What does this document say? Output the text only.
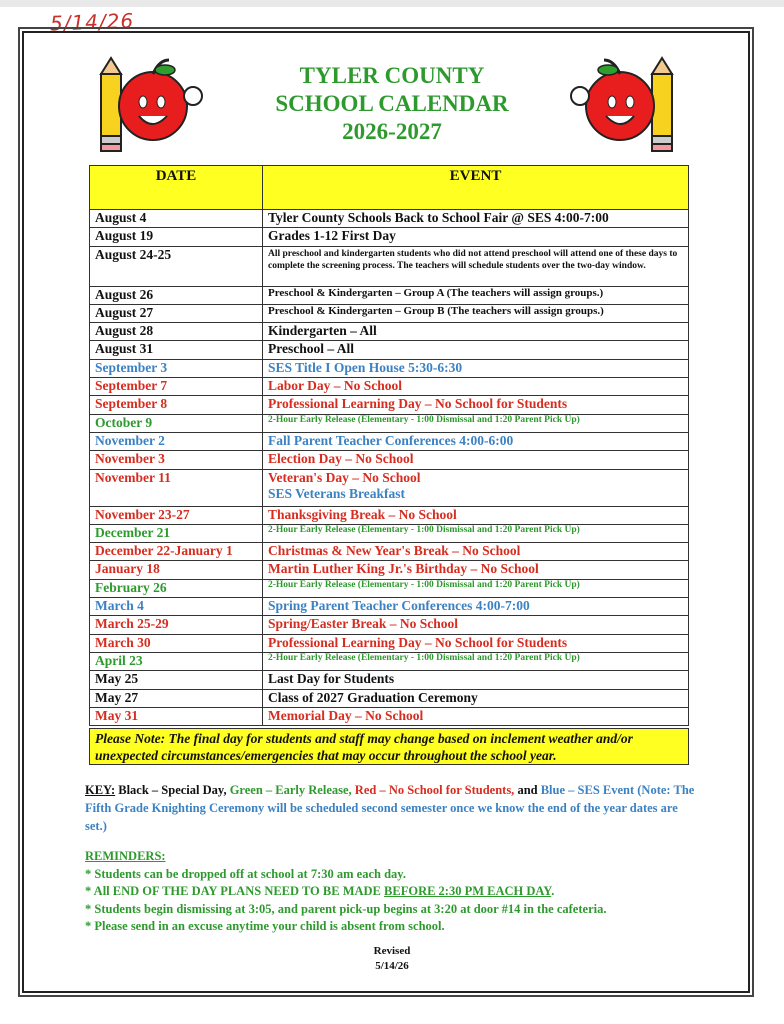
5/14/26
TYLER COUNTY
SCHOOL CALENDAR
2026-2027
DATE	EVENT
August 4	Tyler County Schools Back to School Fair @ SES 4:00-7:00
August 19	Grades 1-12 First Day
August 24-25	All preschool and kindergarten students who did not attend preschool will attend one of these days to complete the screening process. The teachers will schedule students over the two-day window.
August 26	Preschool & Kindergarten – Group A (The teachers will assign groups.)
August 27	Preschool & Kindergarten – Group B (The teachers will assign groups.)
August 28	Kindergarten – All
August 31	Preschool – All
September 3	SES Title I Open House 5:30-6:30
September 7	Labor Day – No School
September 8	Professional Learning Day – No School for Students
October 9	2-Hour Early Release (Elementary - 1:00 Dismissal and 1:20 Parent Pick Up)
November 2	Fall Parent Teacher Conferences 4:00-6:00
November 3	Election Day – No School
November 11	Veteran's Day – No School
SES Veterans Breakfast

November 23-27	Thanksgiving Break – No School
December 21	2-Hour Early Release (Elementary - 1:00 Dismissal and 1:20 Parent Pick Up)
December 22-January 1	Christmas & New Year's Break – No School
January 18	Martin Luther King Jr.'s Birthday – No School
February 26	2-Hour Early Release (Elementary - 1:00 Dismissal and 1:20 Parent Pick Up)
March 4	Spring Parent Teacher Conferences 4:00-7:00
March 25-29	Spring/Easter Break – No School
March 30	Professional Learning Day – No School for Students
April 23	2-Hour Early Release (Elementary - 1:00 Dismissal and 1:20 Parent Pick Up)
May 25	Last Day for Students
May 27	Class of 2027 Graduation Ceremony
May 31	Memorial Day – No School
Please Note: The final day for students and staff may change based on inclement weather and/or unexpected circumstances/emergencies that may occur throughout the school year.
KEY: Black – Special Day, Green – Early Release, Red – No School for Students, and Blue – SES Event (Note: The Fifth Grade Knighting Ceremony will be scheduled second semester once we know the end of the year dates are set.)
REMINDERS:
* Students can be dropped off at school at 7:30 am each day.
* All END OF THE DAY PLANS NEED TO BE MADE BEFORE 2:30 PM EACH DAY.
* Students begin dismissing at 3:05, and parent pick-up begins at 3:20 at door #14 in the cafeteria.
* Please send in an excuse anytime your child is absent from school.
Revised
5/14/26
